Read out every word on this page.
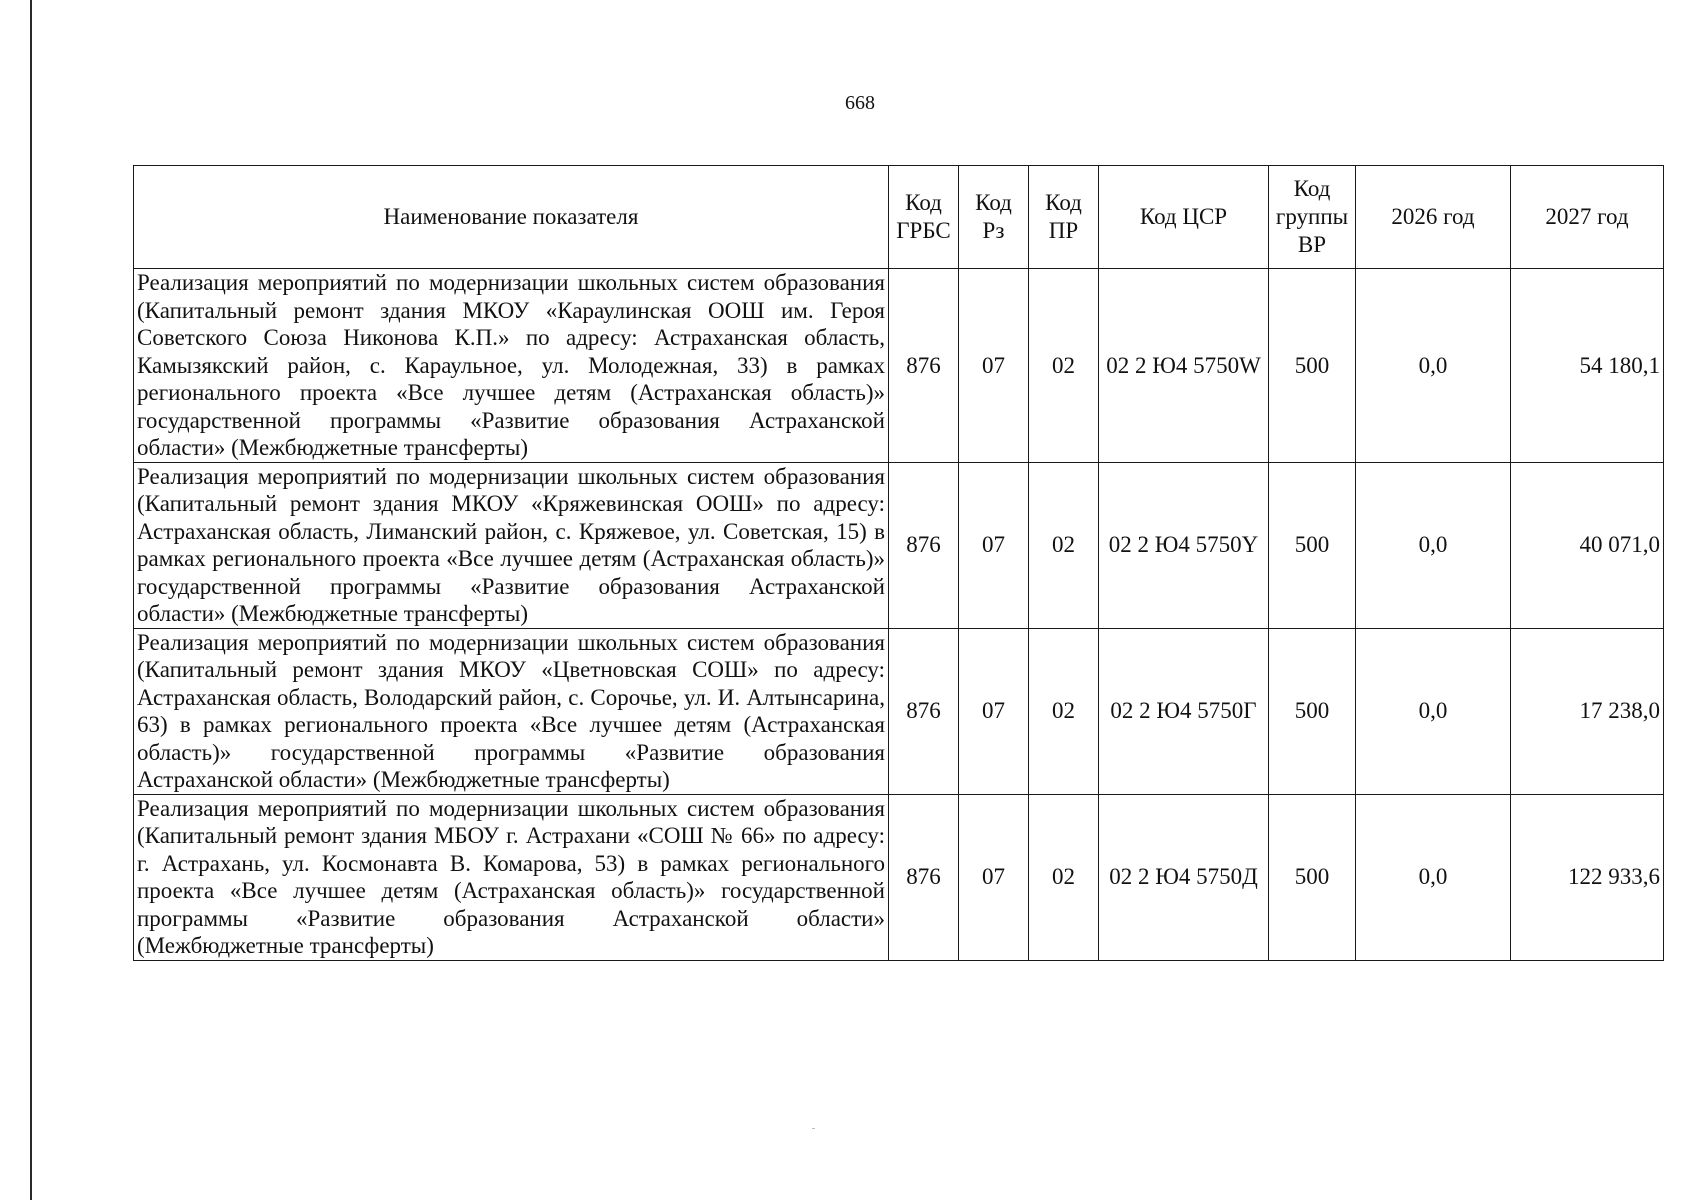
668
Наименование показателя	Код ГРБС	Код Рз	Код ПР	Код ЦСР	Код группы ВР	2026 год	2027 год
Реализация мероприятий по модернизации школьных систем образования (Капитальный ремонт здания МКОУ «Караулинская ООШ им. Героя Советского Союза Никонова К.П.» по адресу: Астраханская область, Камызякский район, с. Караульное, ул. Молодежная, 33) в рамках регионального проекта «Все лучшее детям (Астраханская область)» государственной программы «Развитие образования Астраханской области» (Межбюджетные трансферты)	876	07	02	02 2 Ю4 5750W	500	0,0	54 180,1
Реализация мероприятий по модернизации школьных систем образования (Капитальный ремонт здания МКОУ «Кряжевинская ООШ» по адресу: Астраханская область, Лиманский район, с. Кряжевое, ул. Советская, 15) в рамках регионального проекта «Все лучшее детям (Астраханская область)» государственной программы «Развитие образования Астраханской области» (Межбюджетные трансферты)	876	07	02	02 2 Ю4 5750Y	500	0,0	40 071,0
Реализация мероприятий по модернизации школьных систем образования (Капитальный ремонт здания МКОУ «Цветновская СОШ» по адресу: Астраханская область, Володарский район, с. Сорочье, ул. И. Алтынсарина, 63) в рамках регионального проекта «Все лучшее детям (Астраханская область)» государственной программы «Развитие образования Астраханской области» (Межбюджетные трансферты)	876	07	02	02 2 Ю4 5750Г	500	0,0	17 238,0
Реализация мероприятий по модернизации школьных систем образования (Капитальный ремонт здания МБОУ г. Астрахани «СОШ № 66» по адресу: г. Астрахань, ул. Космонавта В. Комарова, 53) в рамках регионального проекта «Все лучшее детям (Астраханская область)» государственной программы «Развитие образования Астраханской области» (Межбюджетные трансферты)	876	07	02	02 2 Ю4 5750Д	500	0,0	122 933,6
